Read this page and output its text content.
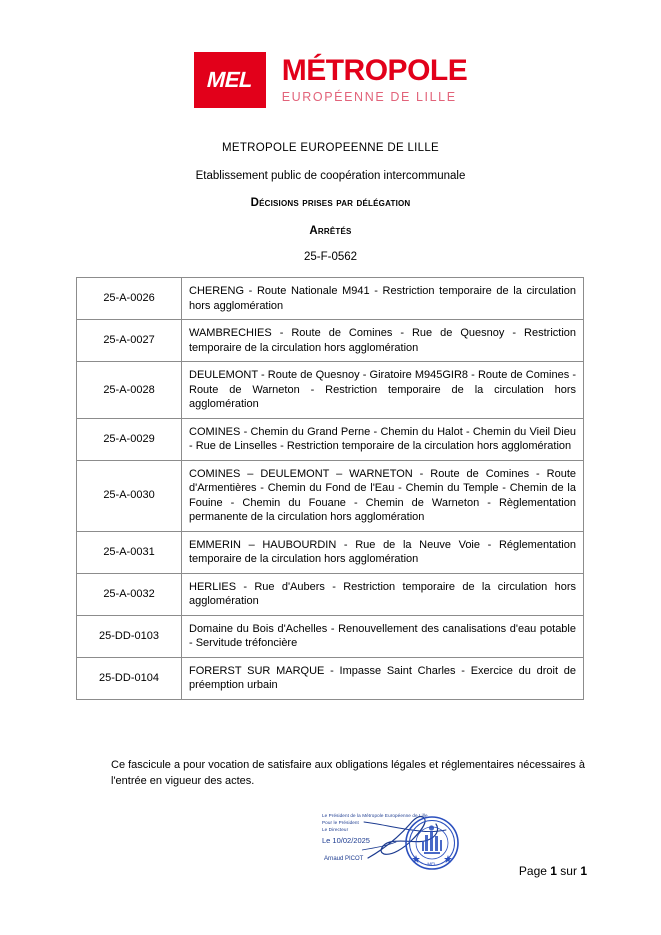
MEL MÉTROPOLE
EUROPÉENNE DE LILLE
METROPOLE EUROPEENNE DE LILLE
Etablissement public de coopération intercommunale
Décisions prises par délégation
Arrêtés
25-F-0562
25-A-0026	CHERENG - Route Nationale M941 - Restriction temporaire de la circulation hors agglomération
25-A-0027	WAMBRECHIES - Route de Comines - Rue de Quesnoy - Restriction temporaire de la circulation hors agglomération
25-A-0028	DEULEMONT - Route de Quesnoy - Giratoire M945GIR8 - Route de Comines - Route de Warneton - Restriction temporaire de la circulation hors agglomération
25-A-0029	COMINES - Chemin du Grand Perne - Chemin du Halot - Chemin du Vieil Dieu - Rue de Linselles - Restriction temporaire de la circulation hors agglomération
25-A-0030	COMINES – DEULEMONT – WARNETON - Route de Comines - Route d'Armentières - Chemin du Fond de l'Eau - Chemin du Temple - Chemin de la Fouine - Chemin du Fouane - Chemin de Warneton - Règlementation permanente de la circulation hors agglomération
25-A-0031	EMMERIN – HAUBOURDIN - Rue de la Neuve Voie - Réglementation temporaire de la circulation hors agglomération
25-A-0032	HERLIES - Rue d'Aubers - Restriction temporaire de la circulation hors agglomération
25-DD-0103	Domaine du Bois d'Achelles - Renouvellement des canalisations d'eau potable - Servitude tréfoncière
25-DD-0104	FORERST SUR MARQUE - Impasse Saint Charles - Exercice du droit de préemption urbain
Ce fascicule a pour vocation de satisfaire aux obligations légales et réglementaires nécessaires à l'entrée en vigueur des actes.
Le Président de la Métropole Européenne de Lille
Pour le Président
Le Directeur
Le 10/02/2025
Arnaud PICOT
MEL	Page 1 sur 1
